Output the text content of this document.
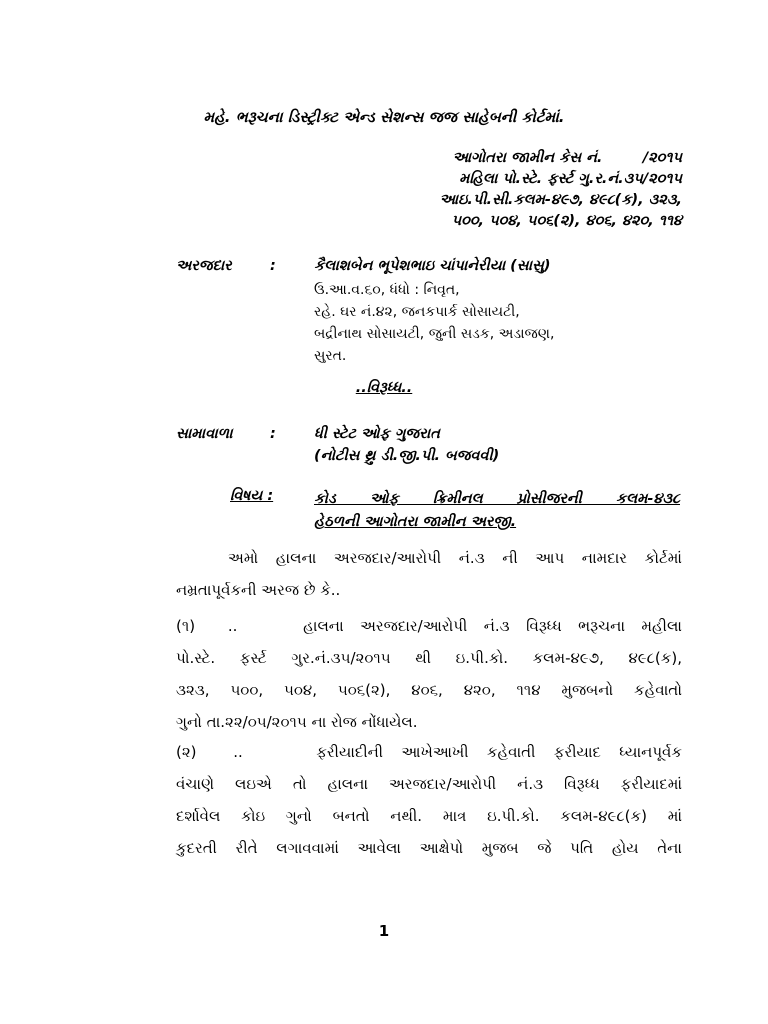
મહે. ભરૂચના ડિસ્ટ્રીક્ટ એન્ડ સેશન્સ જજ સાહેબની કોર્ટમાં.
આગોતરા જામીન કેસ નં.        /૨૦૧૫
મહિલા પો.સ્ટે. ફર્સ્ટ ગુ.ર.નં.૩૫/૨૦૧૫
આઇ.પી.સી.કલમ-૪૯૭, ૪૯૮(ક), ૩૨૩,
૫૦૦, ૫૦૪, ૫૦૬(૨), ૪૦૬, ૪૨૦, ૧૧૪
અરજદાર	:	કૈલાશબેન ભૂપેશભાઇ ચાંપાનેરીયા (સાસુ)
ઉ.આ.વ.૬૦, ધંધો : નિવૃત,
રહે. ઘર નં.૪૨, જનકપાર્ક સોસાયટી,
બદ્રીનાથ સોસાયટી, જુની સડક, અડાજણ,
સુરત.
..વિરૂધ્ધ..
સામાવાળા	:	ધી સ્ટેટ ઓફ ગુજરાત
(નોટીસ થ્રુ ડી.જી.પી. બજવવી)
વિષય :	કોડ ઓફ ક્રિમીનલ પ્રોસીજરની કલમ-૪૩૮
હેઠળની આગોતરા જામીન અરજી.
અમો હાલના અરજદાર/આરોપી નં.૩ ની આપ નામદાર કોર્ટમાં
નમ્રતાપૂર્વકની અરજ છે કે..
(૧)  ..    હાલના અરજદાર/આરોપી નં.૩ વિરૂધ્ધ ભરૂચના મહીલા
પો.સ્ટે. ફર્સ્ટ ગુર.નં.૩૫/૨૦૧૫ થી ઇ.પી.કો. કલમ-૪૯૭, ૪૯૮(ક),
૩૨૩, ૫૦૦, ૫૦૪, ૫૦૬(૨), ૪૦૬, ૪૨૦, ૧૧૪ મુજબનો કહેવાતો
ગુનો તા.૨૨/૦૫/૨૦૧૫ ના રોજ નોંધાયેલ.
(૨)  ..    ફરીયાદીની આખેઆખી કહેવાતી ફરીયાદ ધ્યાનપૂર્વક
વંચાણે લઇએ તો હાલના અરજદાર/આરોપી નં.૩ વિરૂધ્ધ ફરીયાદમાં
દર્શાવેલ કોઇ ગુનો બનતો નથી. માત્ર ઇ.પી.કો. કલમ-૪૯૮(ક) માં
કુદરતી રીતે લગાવવામાં આવેલા આક્ષેપો મુજબ જે પતિ હોય તેના
1
